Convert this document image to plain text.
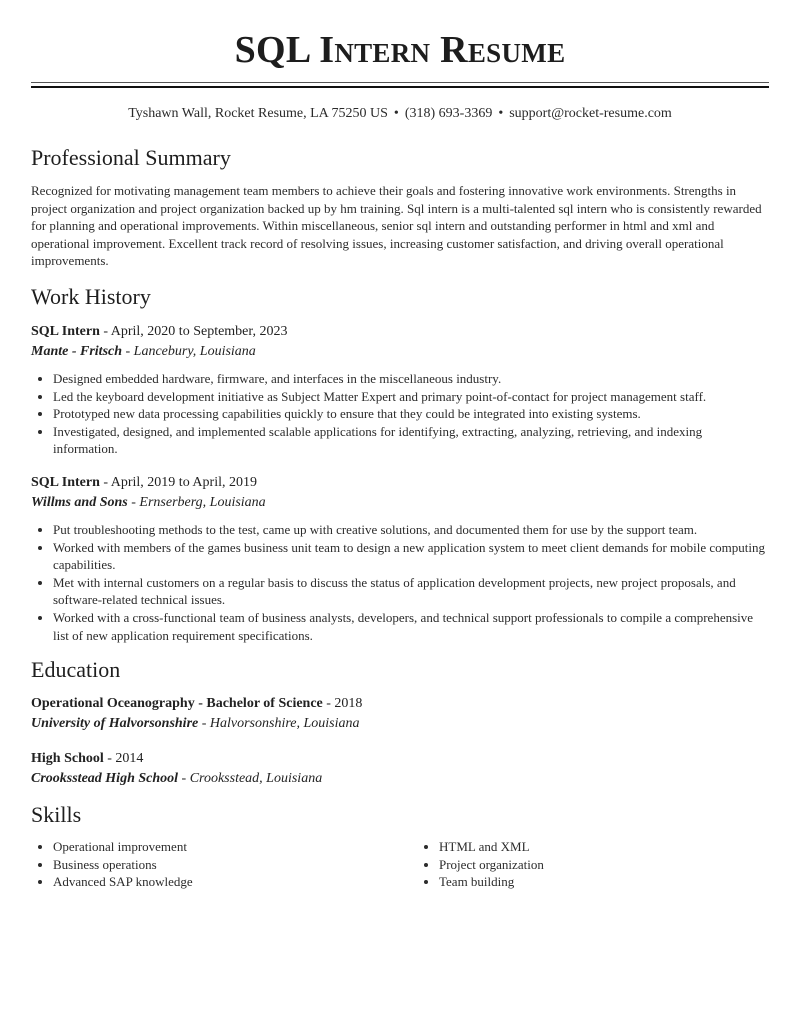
SQL Intern Resume
Tyshawn Wall, Rocket Resume, LA 75250 US • (318) 693-3369 • support@rocket-resume.com
Professional Summary

Recognized for motivating management team members to achieve their goals and fostering innovative work environments. Strengths in project organization and project organization backed up by hm training. Sql intern is a multi-talented sql intern who is consistently rewarded for planning and operational improvements. Within miscellaneous, senior sql intern and outstanding performer in html and xml and operational improvement. Excellent track record of resolving issues, increasing customer satisfaction, and driving overall operational improvements.

Work History
SQL Intern - April, 2020 to September, 2023
Mante - Fritsch - Lancebury, Louisiana
• Designed embedded hardware, firmware, and interfaces in the miscellaneous industry.
• Led the keyboard development initiative as Subject Matter Expert and primary point-of-contact for project management staff.
• Prototyped new data processing capabilities quickly to ensure that they could be integrated into existing systems.
• Investigated, designed, and implemented scalable applications for identifying, extracting, analyzing, retrieving, and indexing information.
SQL Intern - April, 2019 to April, 2019
Willms and Sons - Ernserberg, Louisiana
• Put troubleshooting methods to the test, came up with creative solutions, and documented them for use by the support team.
• Worked with members of the games business unit team to design a new application system to meet client demands for mobile computing capabilities.
• Met with internal customers on a regular basis to discuss the status of application development projects, new project proposals, and software-related technical issues.
• Worked with a cross-functional team of business analysts, developers, and technical support professionals to compile a comprehensive list of new application requirement specifications.
Education
Operational Oceanography - Bachelor of Science - 2018
University of Halvorsonshire - Halvorsonshire, Louisiana
High School - 2014
Crooksstead High School - Crooksstead, Louisiana
Skills
• Operational improvement
• Business operations
• Advanced SAP knowledge
• HTML and XML
• Project organization
• Team building
